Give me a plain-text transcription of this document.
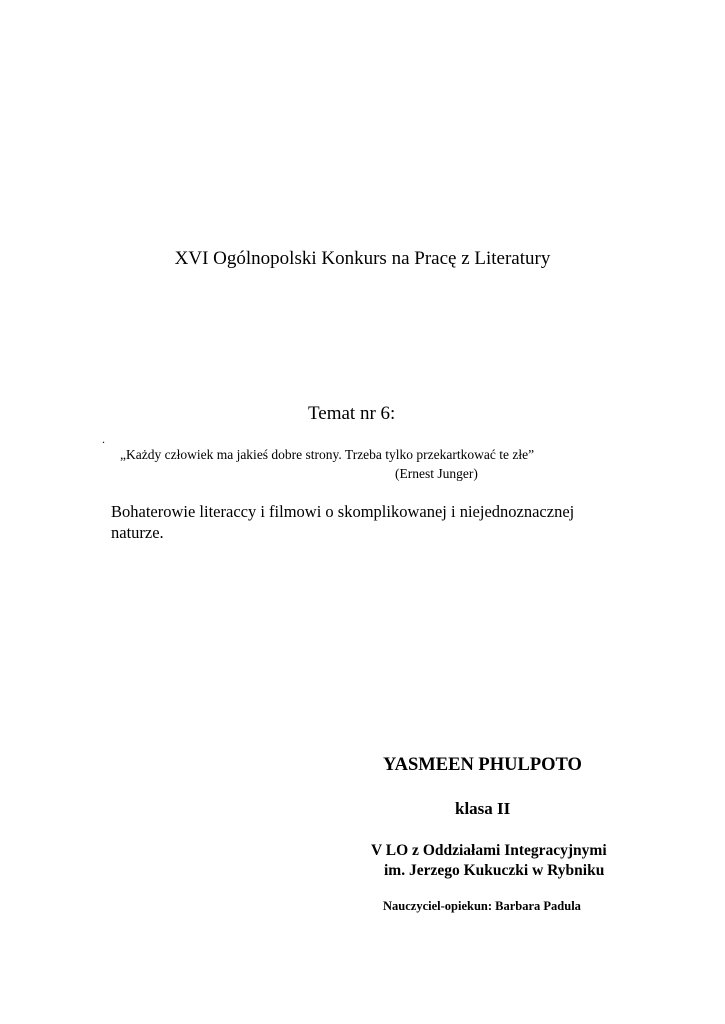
XVI Ogólnopolski Konkurs na Pracę z Literatury
Temat nr 6:
.
„Każdy człowiek ma jakieś dobre strony. Trzeba tylko przekartkować te złe”
(Ernest Junger)
Bohaterowie literaccy i filmowi o skomplikowanej i niejednoznacznej naturze.
YASMEEN PHULPOTO
klasa II
V LO z Oddziałami Integracyjnymi
im. Jerzego Kukuczki w Rybniku
Nauczyciel-opiekun: Barbara Padula
